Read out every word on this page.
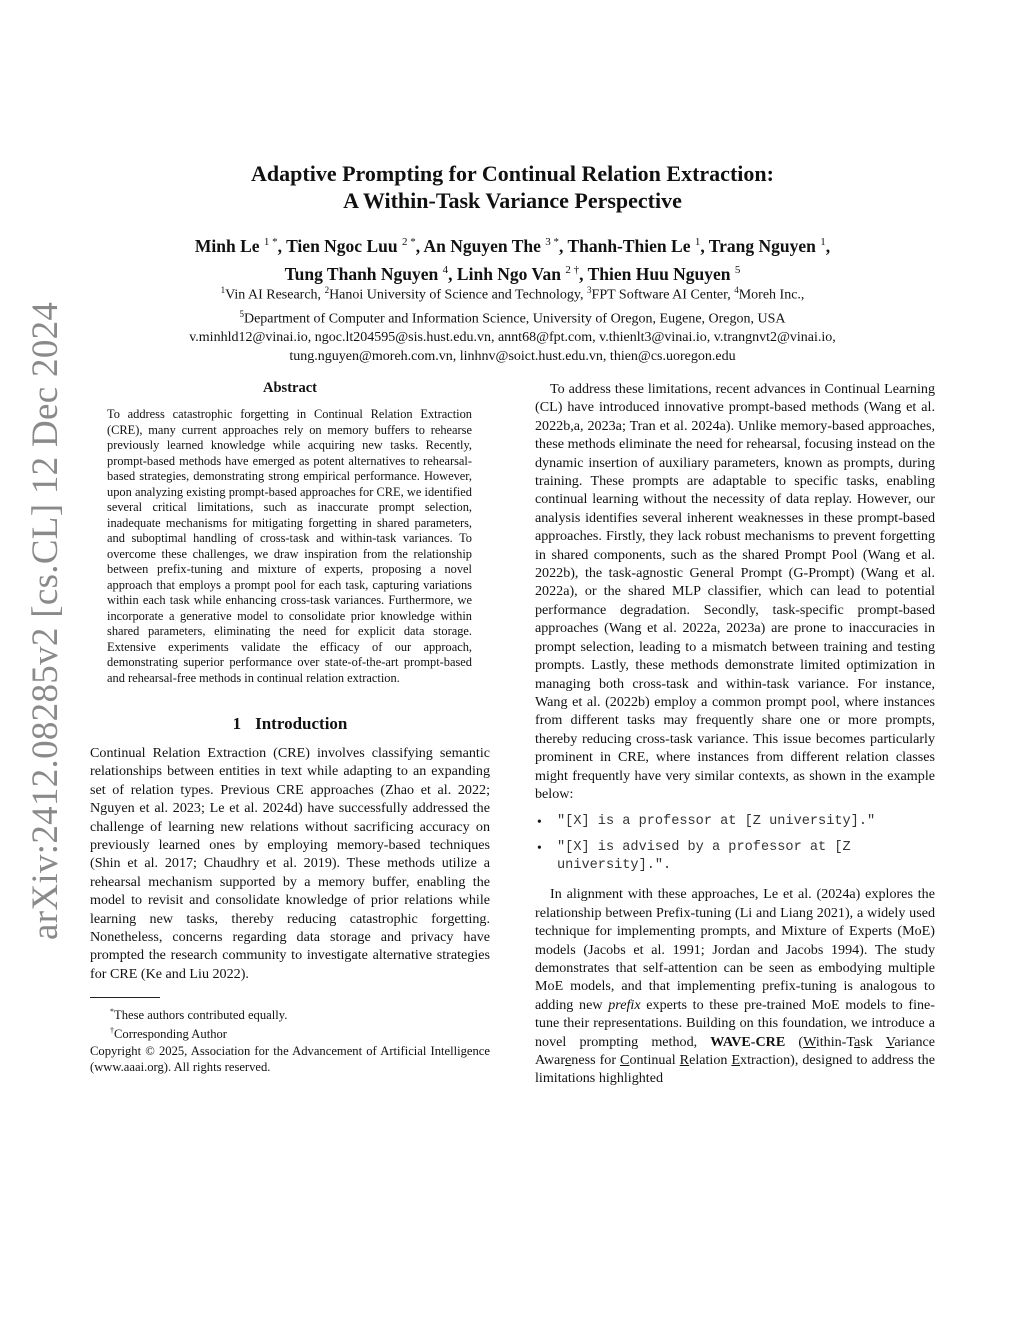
arXiv:2412.08285v2 [cs.CL] 12 Dec 2024
Adaptive Prompting for Continual Relation Extraction:
A Within-Task Variance Perspective
Minh Le $^{1 *}$, Tien Ngoc Luu $^{2 *}$, An Nguyen The $^{3 *}$, Thanh-Thien Le $^1$, Trang Nguyen $^1$,
Tung Thanh Nguyen $^4$, Linh Ngo Van $^{2 \dagger}$, Thien Huu Nguyen $^5$
$^1$Vin AI Research, $^2$Hanoi University of Science and Technology, $^3$FPT Software AI Center, $^4$Moreh Inc.,
$^5$Department of Computer and Information Science, University of Oregon, Eugene, Oregon, USA
v.minhld12@vinai.io, ngoc.lt204595@sis.hust.edu.vn, annt68@fpt.com, v.thienlt3@vinai.io, v.trangnvt2@vinai.io,
tung.nguyen@moreh.com.vn, linhnv@soict.hust.edu.vn, thien@cs.uoregon.edu
Abstract

To address catastrophic forgetting in Continual Relation Extraction (CRE), many current approaches rely on memory buffers to rehearse previously learned knowledge while acquiring new tasks. Recently, prompt-based methods have emerged as potent alternatives to rehearsal-based strategies, demonstrating strong empirical performance. However, upon analyzing existing prompt-based approaches for CRE, we identified several critical limitations, such as inaccurate prompt selection, inadequate mechanisms for mitigating forgetting in shared parameters, and suboptimal handling of cross-task and within-task variances. To overcome these challenges, we draw inspiration from the relationship between prefix-tuning and mixture of experts, proposing a novel approach that employs a prompt pool for each task, capturing variations within each task while enhancing cross-task variances. Furthermore, we incorporate a generative model to consolidate prior knowledge within shared parameters, eliminating the need for explicit data storage. Extensive experiments validate the efficacy of our approach, demonstrating superior performance over state-of-the-art prompt-based and rehearsal-free methods in continual relation extraction.

1 Introduction

Continual Relation Extraction (CRE) involves classifying semantic relationships between entities in text while adapting to an expanding set of relation types. Previous CRE approaches (Zhao et al. 2022; Nguyen et al. 2023; Le et al. 2024d) have successfully addressed the challenge of learning new relations without sacrificing accuracy on previously learned ones by employing memory-based techniques (Shin et al. 2017; Chaudhry et al. 2019). These methods utilize a rehearsal mechanism supported by a memory buffer, enabling the model to revisit and consolidate knowledge of prior relations while learning new tasks, thereby reducing catastrophic forgetting. Nonetheless, concerns regarding data storage and privacy have prompted the research community to investigate alternative strategies for CRE (Ke and Liu 2022).

*These authors contributed equally.

†Corresponding Author

Copyright © 2025, Association for the Advancement of Artificial Intelligence (www.aaai.org). All rights reserved.

To address these limitations, recent advances in Continual Learning (CL) have introduced innovative prompt-based methods (Wang et al. 2022b,a, 2023a; Tran et al. 2024a). Unlike memory-based approaches, these methods eliminate the need for rehearsal, focusing instead on the dynamic insertion of auxiliary parameters, known as prompts, during training. These prompts are adaptable to specific tasks, enabling continual learning without the necessity of data replay. However, our analysis identifies several inherent weaknesses in these prompt-based approaches. Firstly, they lack robust mechanisms to prevent forgetting in shared components, such as the shared Prompt Pool (Wang et al. 2022b), the task-agnostic General Prompt (G-Prompt) (Wang et al. 2022a), or the shared MLP classifier, which can lead to potential performance degradation. Secondly, task-specific prompt-based approaches (Wang et al. 2022a, 2023a) are prone to inaccuracies in prompt selection, leading to a mismatch between training and testing prompts. Lastly, these methods demonstrate limited optimization in managing both cross-task and within-task variance. For instance, Wang et al. (2022b) employ a common prompt pool, where instances from different tasks may frequently share one or more prompts, thereby reducing cross-task variance. This issue becomes particularly prominent in CRE, where instances from different relation classes might frequently have very similar contexts, as shown in the example below:

• "[X] is a professor at [Z university]."
• "[X] is advised by a professor at [Z university].".

In alignment with these approaches, Le et al. (2024a) explores the relationship between Prefix-tuning (Li and Liang 2021), a widely used technique for implementing prompts, and Mixture of Experts (MoE) models (Jacobs et al. 1991; Jordan and Jacobs 1994). The study demonstrates that self-attention can be seen as embodying multiple MoE models, and that implementing prefix-tuning is analogous to adding new prefix experts to these pre-trained MoE models to fine-tune their representations. Building on this foundation, we introduce a novel prompting method, WAVE-CRE (Within-Task Variance Awareness for Continual Relation Extraction), designed to address the limitations highlighted
